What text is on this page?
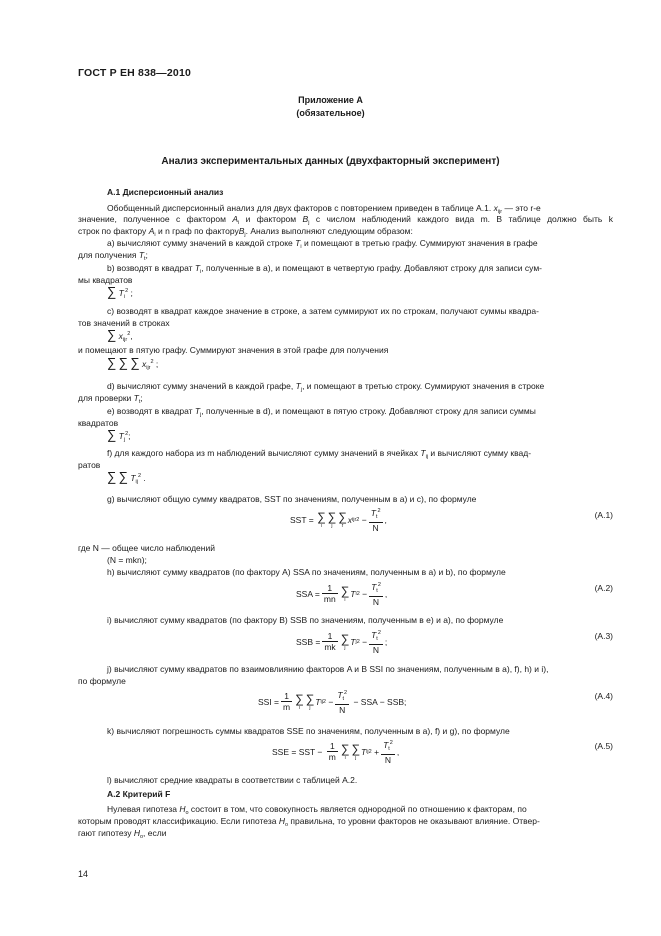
ГОСТ Р ЕН 838—2010
Приложение А
(обязательное)
Анализ экспериментальных данных (двухфакторный эксперимент)
А.1 Дисперсионный анализ
Обобщенный дисперсионный анализ для двух факторов с повторением приведен в таблице А.1. $x_{ijr}$ — это r-е
значение, полученное с фактором $A_i$ и фактором $B_j$ с числом наблюдений каждого вида m. В таблице должно быть k
строк по фактору $A_i$ и n граф по факторуB$_j$. Анализ выполняют следующим образом:
а) вычисляют сумму значений в каждой строке $T_i$ и помещают в третью графу. Суммируют значения в графе
для получения $T_t$;
b) возводят в квадрат $T_i$, полученные в а), и помещают в четвертую графу. Добавляют строку для записи сум-
мы квадратов
∑ $T_i^2$ ;
с) возводят в квадрат каждое значение в строке, а затем суммируют их по строкам, получают суммы квадра-
тов значений в строках
∑ $x_{ijr}^2$,
и помещают в пятую графу. Суммируют значения в этой графе для получения
∑ ∑ ∑ $x_{ijr}^2$ ;
d) вычисляют сумму значений в каждой графе, $T_j$, и помещают в третью строку. Суммируют значения в строке
для проверки $T_t$;
е) возводят в квадрат $T_j$, полученные в d), и помещают в пятую строку. Добавляют строку для записи суммы
квадратов
∑ $T_j^2$;
f) для каждого набора из m наблюдений вычисляют сумму значений в ячейках $T_{ij}$ и вычисляют сумму квад-
ратов
∑ ∑ $T_{ij}^2$ .
g) вычисляют общую сумму квадратов, SST по значениям, полученным в а) и с), по формуле
SST =
∑
i
∑
j
∑
r
x ijr 2
− $\frac{T_t^2}{N}$ ,	(А.1)
где N — общее число наблюдений
(N = mkn);
h) вычисляют сумму квадратов (по фактору A) SSA по значениям, полученным в а) и b), по формуле
SSA = $\frac{1}{mn}$ ∑
i
T i 2
− $\frac{T_t^2}{N}$ ,
(А.2)
i) вычисляют сумму квадратов (по фактору B) SSB по значениям, полученным в е) и а), по формуле
SSB = $\frac{1}{mk}$ ∑
j
T j 2
− $\frac{T_t^2}{N}$ ;
(А.3)
j) вычисляют сумму квадратов по взаимовлиянию факторов A и B SSI по значениям, полученным в а), f), h) и i),
по формуле
SSI = $\frac{1}{m}$ ∑
i
∑
j
T ij 2
− $\frac{T_t^2}{N}$
− SSA − SSB;
(А.4)
k) вычисляют погрешность суммы квадратов SSE по значениям, полученным в а), f) и g), по формуле
SSE = SST −
$\frac{1}{m}$ ∑
i
∑
j
T ij 2
+ $\frac{T_t^2}{N}$ ,
(А.5)
l) вычисляют средние квадраты в соответствии с таблицей А.2.
А.2 Критерий F
Нулевая гипотеза $H_o$ состоит в том, что совокупность является однородной по отношению к факторам, по
которым проводят классификацию. Если гипотеза $H_o$ правильна, то уровни факторов не оказывают влияние. Отвер-
гают гипотезу $H_o$, если
14
